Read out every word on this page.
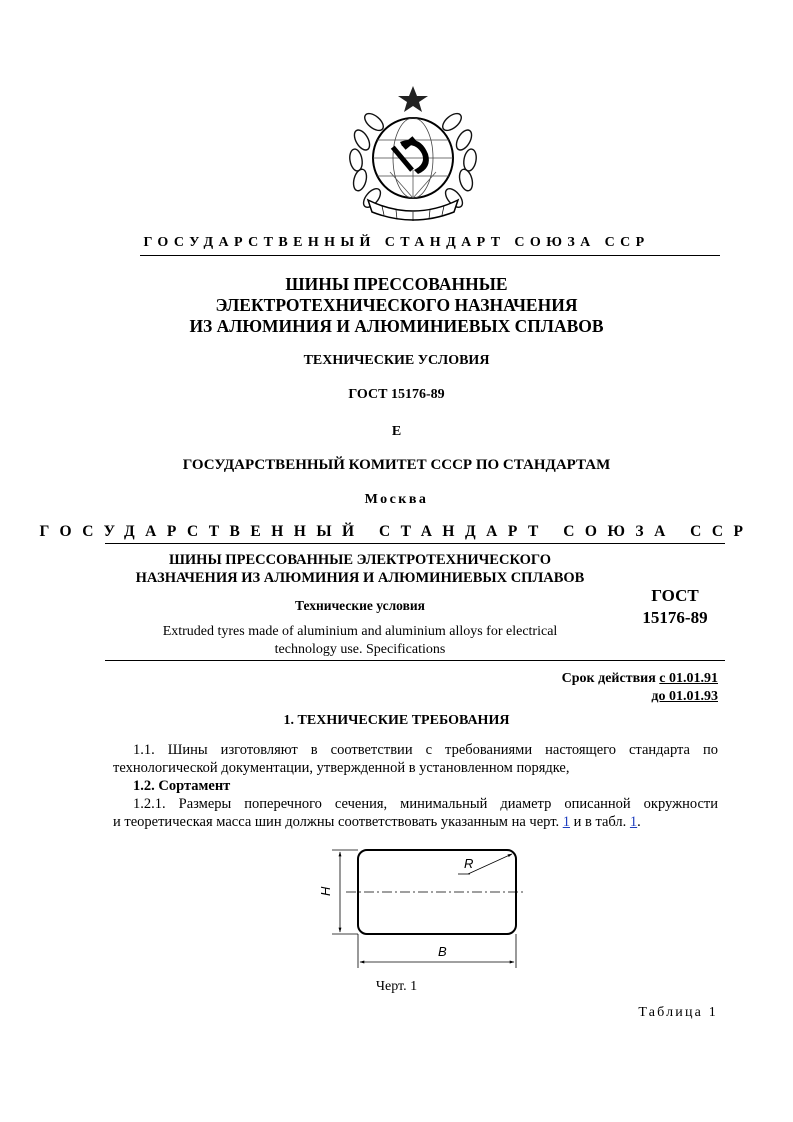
ГОСУДАРСТВЕННЫЙ СТАНДАРТ СОЮЗА ССР
ШИНЫ ПРЕССОВАННЫЕ
ЭЛЕКТРОТЕХНИЧЕСКОГО НАЗНАЧЕНИЯ
ИЗ АЛЮМИНИЯ И АЛЮМИНИЕВЫХ СПЛАВОВ
ТЕХНИЧЕСКИЕ УСЛОВИЯ
ГОСТ 15176-89
Е
ГОСУДАРСТВЕННЫЙ КОМИТЕТ СССР ПО СТАНДАРТАМ
Москва
ГОСУДАРСТВЕННЫЙ СТАНДАРТ СОЮЗА ССР
ШИНЫ ПРЕССОВАННЫЕ ЭЛЕКТРОТЕХНИЧЕСКОГО
НАЗНАЧЕНИЯ ИЗ АЛЮМИНИЯ И АЛЮМИНИЕВЫХ СПЛАВОВ
Технические условия
Extruded tyres made of aluminium and aluminium alloys for electrical
technology use. Specifications
ГОСТ
15176-89
Срок действия с 01.01.91
до 01.01.93
1. ТЕХНИЧЕСКИЕ ТРЕБОВАНИЯ
1.1. Шины изготовляют в соответствии с требованиями настоящего стандарта по
технологической документации, утвержденной в установленном порядке,
1.2. Сортамент
1.2.1. Размеры поперечного сечения, минимальный диаметр описанной окружности
и теоретическая масса шин должны соответствовать указанным на черт. 1 и в табл. 1.
R
H
B
Черт. 1
Таблица 1
